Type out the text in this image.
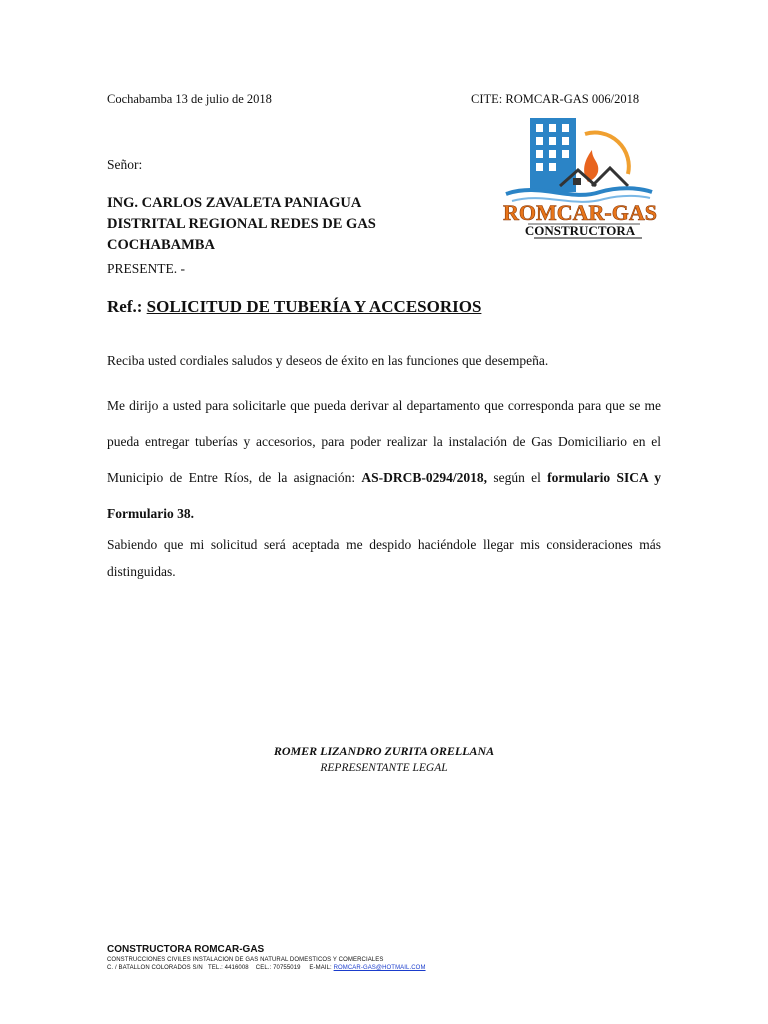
Cochabamba 13 de julio de 2018	CITE: ROMCAR-GAS 006/2018
ROMCAR-GAS
CONSTRUCTORA
Señor:
ING. CARLOS ZAVALETA PANIAGUA
DISTRITAL REGIONAL REDES DE GAS
COCHABAMBA
PRESENTE. -
Ref.: SOLICITUD DE TUBERÍA Y ACCESORIOS
Reciba usted cordiales saludos y deseos de éxito en las funciones que desempeña.
Me dirijo a usted para solicitarle que pueda derivar al departamento que corresponda para que se me pueda entregar tuberías y accesorios, para poder realizar la instalación de Gas Domiciliario en el Municipio de Entre Ríos, de la asignación: AS-DRCB-0294/2018, según el formulario SICA y Formulario 38.
Sabiendo que mi solicitud será aceptada me despido haciéndole llegar mis consideraciones más distinguidas.
ROMER LIZANDRO ZURITA ORELLANA
REPRESENTANTE LEGAL
CONSTRUCTORA ROMCAR-GAS
CONSTRUCCIONES CIVILES INSTALACION DE GAS NATURAL DOMESTICOS Y COMERCIALES
C. / BATALLON COLORADOS S/N TEL.: 4416008 CEL.: 70755019 E-MAIL: ROMCAR-GAS@HOTMAIL.COM
